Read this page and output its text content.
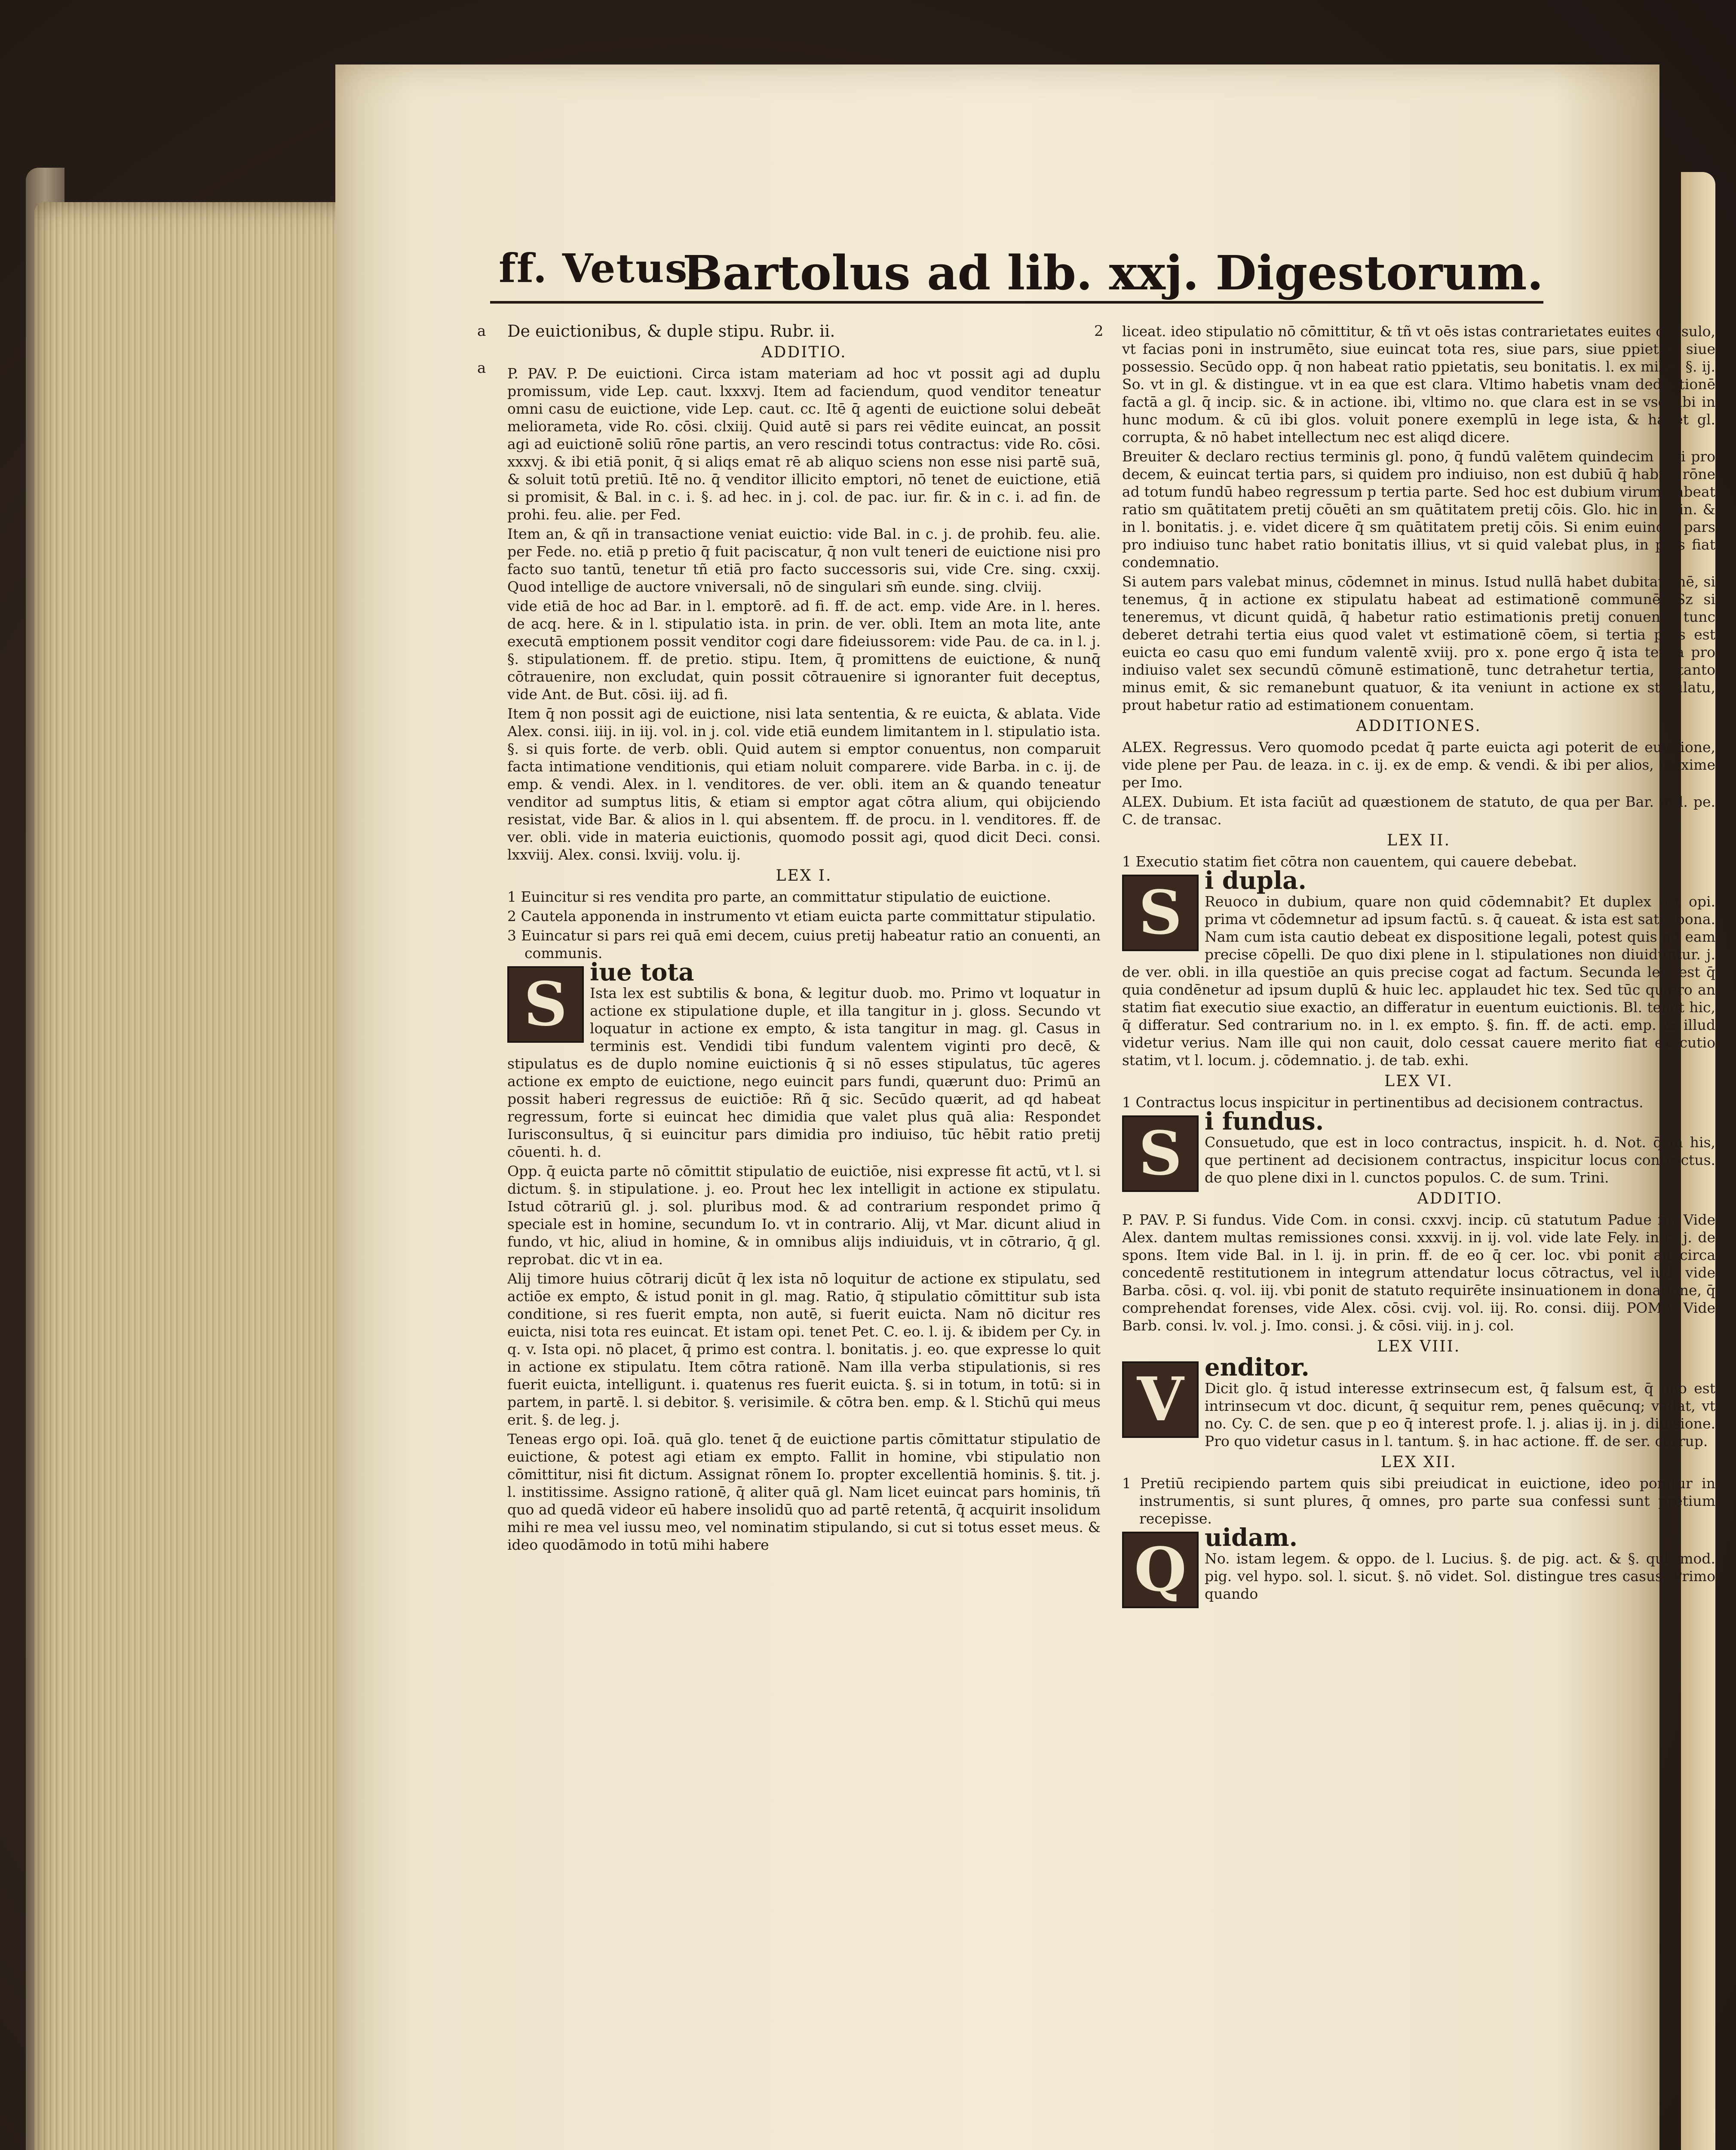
ff. Vetus.
Bartolus ad lib. xxj. Digestorum.
a
a
2

De euictionibus, & duple stipu. Rubr. ii.

ADDITIO.

P. PAV. P. De euictioni. Circa istam materiam ad hoc vt possit agi ad duplu promissum, vide Lep. caut. lxxxvj. Item ad faciendum, quod venditor teneatur omni casu de euictione, vide Lep. caut. cc. Itē q̄ agenti de euictione solui debeāt meliorameta, vide Ro. cōsi. clxiij. Quid autē si pars rei vēdite euincat, an possit agi ad euictionē soliū rōne partis, an vero rescindi totus contractus: vide Ro. cōsi. xxxvj. & ibi etiā ponit, q̄ si aliqs emat rē ab aliquo sciens non esse nisi partē suā, & soluit totū pretiū. Itē no. q̄ venditor illicito emptori, nō tenet de euictione, etiā si promisit, & Bal. in c. i. §. ad hec. in j. col. de pac. iur. fir. & in c. i. ad fin. de prohi. feu. alie. per Fed.

Item an, & qñ in transactione veniat euictio: vide Bal. in c. j. de prohib. feu. alie. per Fede. no. etiā p pretio q̄ fuit paciscatur, q̄ non vult teneri de euictione nisi pro facto suo tantū, tenetur tñ etiā pro facto successoris sui, vide Cre. sing. cxxij. Quod intellige de auctore vniversali, nō de singulari sm̄ eunde. sing. clviij.

vide etiā de hoc ad Bar. in l. emptorē. ad fi. ff. de act. emp. vide Are. in l. heres. de acq. here. & in l. stipulatio ista. in prin. de ver. obli. Item an mota lite, ante executā emptionem possit venditor cogi dare fideiussorem: vide Pau. de ca. in l. j. §. stipulationem. ff. de pretio. stipu. Item, q̄ promittens de euictione, & nunq̄ cōtrauenire, non excludat, quin possit cōtrauenire si ignoranter fuit deceptus, vide Ant. de But. cōsi. iij. ad fi.

Item q̄ non possit agi de euictione, nisi lata sententia, & re euicta, & ablata. Vide Alex. consi. iiij. in iij. vol. in j. col. vide etiā eundem limitantem in l. stipulatio ista. §. si quis forte. de verb. obli. Quid autem si emptor conuentus, non comparuit facta intimatione venditionis, qui etiam noluit comparere. vide Barba. in c. ij. de emp. & vendi. Alex. in l. venditores. de ver. obli. item an & quando teneatur venditor ad sumptus litis, & etiam si emptor agat cōtra alium, qui obijciendo resistat, vide Bar. & alios in l. qui absentem. ff. de procu. in l. venditores. ff. de ver. obli. vide in materia euictionis, quomodo possit agi, quod dicit Deci. consi. lxxviij. Alex. consi. lxviij. volu. ij.

LEX I.

1 Euincitur si res vendita pro parte, an committatur stipulatio de euictione.

2 Cautela apponenda in instrumento vt etiam euicta parte committatur stipulatio.

3 Euincatur si pars rei quā emi decem, cuius pretij habeatur ratio an conuenti, an communis.

S iue tota

Ista lex est subtilis & bona, & legitur duob. mo. Primo vt loquatur in actione ex stipulatione duple, et illa tangitur in j. gloss. Secundo vt loquatur in actione ex empto, & ista tangitur in mag. gl. Casus in terminis est. Vendidi tibi fundum valentem viginti pro decē, & stipulatus es de duplo nomine euictionis q̄ si nō esses stipulatus, tūc ageres actione ex empto de euictione, nego euincit pars fundi, quærunt duo: Primū an possit haberi regressus de euictiōe: Rñ q̄ sic. Secūdo quærit, ad qd habeat regressum, forte si euincat hec dimidia que valet plus quā alia: Respondet Iurisconsultus, q̄ si euincitur pars dimidia pro indiuiso, tūc hēbit ratio pretij cōuenti. h. d.

Opp. q̄ euicta parte nō cōmittit stipulatio de euictiōe, nisi expresse fit actū, vt l. si dictum. §. in stipulatione. j. eo. Prout hec lex intelligit in actione ex stipulatu. Istud cōtrariū gl. j. sol. pluribus mod. & ad contrarium respondet primo q̄ speciale est in homine, secundum Io. vt in contrario. Alij, vt Mar. dicunt aliud in fundo, vt hic, aliud in homine, & in omnibus alijs indiuiduis, vt in cōtrario, q̄ gl. reprobat. dic vt in ea.

Alij timore huius cōtrarij dicūt q̄ lex ista nō loquitur de actione ex stipulatu, sed actiōe ex empto, & istud ponit in gl. mag. Ratio, q̄ stipulatio cōmittitur sub ista conditione, si res fuerit empta, non autē, si fuerit euicta. Nam nō dicitur res euicta, nisi tota res euincat. Et istam opi. tenet Pet. C. eo. l. ij. & ibidem per Cy. in q. v. Ista opi. nō placet, q̄ primo est contra. l. bonitatis. j. eo. que expresse lo quit in actione ex stipulatu. Item cōtra rationē. Nam illa verba stipulationis, si res fuerit euicta, intelligunt. i. quatenus res fuerit euicta. §. si in totum, in totū: si in partem, in partē. l. si debitor. §. verisimile. & cōtra ben. emp. & l. Stichū qui meus erit. §. de leg. j.

Teneas ergo opi. Ioā. quā glo. tenet q̄ de euictione partis cōmittatur stipulatio de euictione, & potest agi etiam ex empto. Fallit in homine, vbi stipulatio non cōmittitur, nisi fit dictum. Assignat rōnem Io. propter excellentiā hominis. §. tit. j. l. institissime. Assigno rationē, q̄ aliter quā gl. Nam licet euincat pars hominis, tñ quo ad quedā videor eū habere insolidū quo ad partē retentā, q̄ acquirit insolidum mihi re mea vel iussu meo, vel nominatim stipulando, si cut si totus esset meus. & ideo quodāmodo in totū mihi habere

liceat. ideo stipulatio nō cōmittitur, & tñ vt oēs istas contrarietates euites consulo, vt facias poni in instrumēto, siue euincat tota res, siue pars, siue ppietas, siue possessio. Secūdo opp. q̄ non habeat ratio ppietatis, seu bonitatis. l. ex mille. §. ij. So. vt in gl. & distingue. vt in ea que est clara. Vltimo habetis vnam deductionē factā a gl. q̄ incip. sic. & in actione. ibi, vltimo no. que clara est in se vsq; ibi in hunc modum. & cū ibi glos. voluit ponere exemplū in lege ista, & habet gl. corrupta, & nō habet intellectum nec est aliqd dicere.

Breuiter & declaro rectius terminis gl. pono, q̄ fundū valētem quindecim emi pro decem, & euincat tertia pars, si quidem pro indiuiso, non est dubiū q̄ habita rōne ad totum fundū habeo regressum p tertia parte. Sed hoc est dubium virum habeat ratio sm quātitatem pretij cōuēti an sm quātitatem pretij cōis. Glo. hic in prin. & in l. bonitatis. j. e. videt dicere q̄ sm quātitatem pretij cōis. Si enim euincat pars pro indiuiso tunc habet ratio bonitatis illius, vt si quid valebat plus, in plus fiat condemnatio.

Si autem pars valebat minus, cōdemnet in minus. Istud nullā habet dubitationē, si tenemus, q̄ in actione ex stipulatu habeat ad estimationē communē. Sz si teneremus, vt dicunt quidā, q̄ habetur ratio estimationis pretij conuenti, tunc deberet detrahi tertia eius quod valet vt estimationē cōem, si tertia pars est euicta eo casu quo emi fundum valentē xviij. pro x. pone ergo q̄ ista tertia pro indiuiso valet sex secundū cōmunē estimationē, tunc detrahetur tertia, q̄ tanto minus emit, & sic remanebunt quatuor, & ita veniunt in actione ex stipulatu, prout habetur ratio ad estimationem conuentam.

ADDITIONES.

ALEX. Regressus. Vero quomodo pcedat q̄ parte euicta agi poterit de euictione, vide plene per Pau. de leaza. in c. ij. ex de emp. & vendi. & ibi per alios, maxime per Imo.

ALEX. Dubium. Et ista faciūt ad quæstionem de statuto, de qua per Bar. in l. pe. C. de transac.

LEX II.

1 Executio statim fiet cōtra non cauentem, qui cauere debebat.

S i dupla.

Reuoco in dubium, quare non quid cōdemnabit? Et duplex est opi. prima vt cōdemnetur ad ipsum factū. s. q̄ caueat. & ista est satis bona. Nam cum ista cautio debeat ex dispositione legali, potest quis ad eam precise cōpelli. De quo dixi plene in l. stipulationes non diuiduntur. j. de ver. obli. in illa questiōe an quis precise cogat ad factum. Secunda lec. est q̄ quia condēnetur ad ipsum duplū & huic lec. applaudet hic tex. Sed tūc quæro an statim fiat executio siue exactio, an differatur in euentum euictionis. Bl. tenet hic, q̄ differatur. Sed contrarium no. in l. ex empto. §. fin. ff. de acti. emp. & illud videtur verius. Nam ille qui non cauit, dolo cessat cauere merito fiat executio statim, vt l. locum. j. cōdemnatio. j. de tab. exhi.

LEX VI.

1 Contractus locus inspicitur in pertinentibus ad decisionem contractus.

S i fundus.

Consuetudo, que est in loco contractus, inspicit. h. d. Not. q̄ in his, que pertinent ad decisionem contractus, inspicitur locus contractus. de quo plene dixi in l. cunctos populos. C. de sum. Trini.

ADDITIO.

P. PAV. P. Si fundus. Vide Com. in consi. cxxvj. incip. cū statutum Padue fit. Vide Alex. dantem multas remissiones consi. xxxvij. in ij. vol. vide late Fely. in c. j. de spons. Item vide Bal. in l. ij. in prin. ff. de eo q̄ cer. loc. vbi ponit an circa concedentē restitutionem in integrum attendatur locus cōtractus, vel iud. vide Barba. cōsi. q. vol. iij. vbi ponit de statuto requirēte insinuationem in donatione, q̄ comprehendat forenses, vide Alex. cōsi. cvij. vol. iij. Ro. consi. diij. POMA. Vide Barb. consi. lv. vol. j. Imo. consi. j. & cōsi. viij. in j. col.

LEX VIII.

V enditor.

Dicit glo. q̄ istud interesse extrinsecum est, q̄ falsum est, q̄ imo est intrinsecum vt doc. dicunt, q̄ sequitur rem, penes quēcunq; vadat, vt no. Cy. C. de sen. que p eo q̄ interest profe. l. j. alias ij. in j. diuisione. Pro quo videtur casus in l. tantum. §. in hac actione. ff. de ser. corrup.

LEX XII.

1 Pretiū recipiendo partem quis sibi preiudicat in euictione, ideo ponitur in instrumentis, si sunt plures, q̄ omnes, pro parte sua confessi sunt pretium recepisse.

Q uidam.

No. istam legem. & oppo. de l. Lucius. §. de pig. act. & §. qui. mod. pig. vel hypo. sol. l. sicut. §. nō videt. Sol. distingue tres casus. Primo quando
